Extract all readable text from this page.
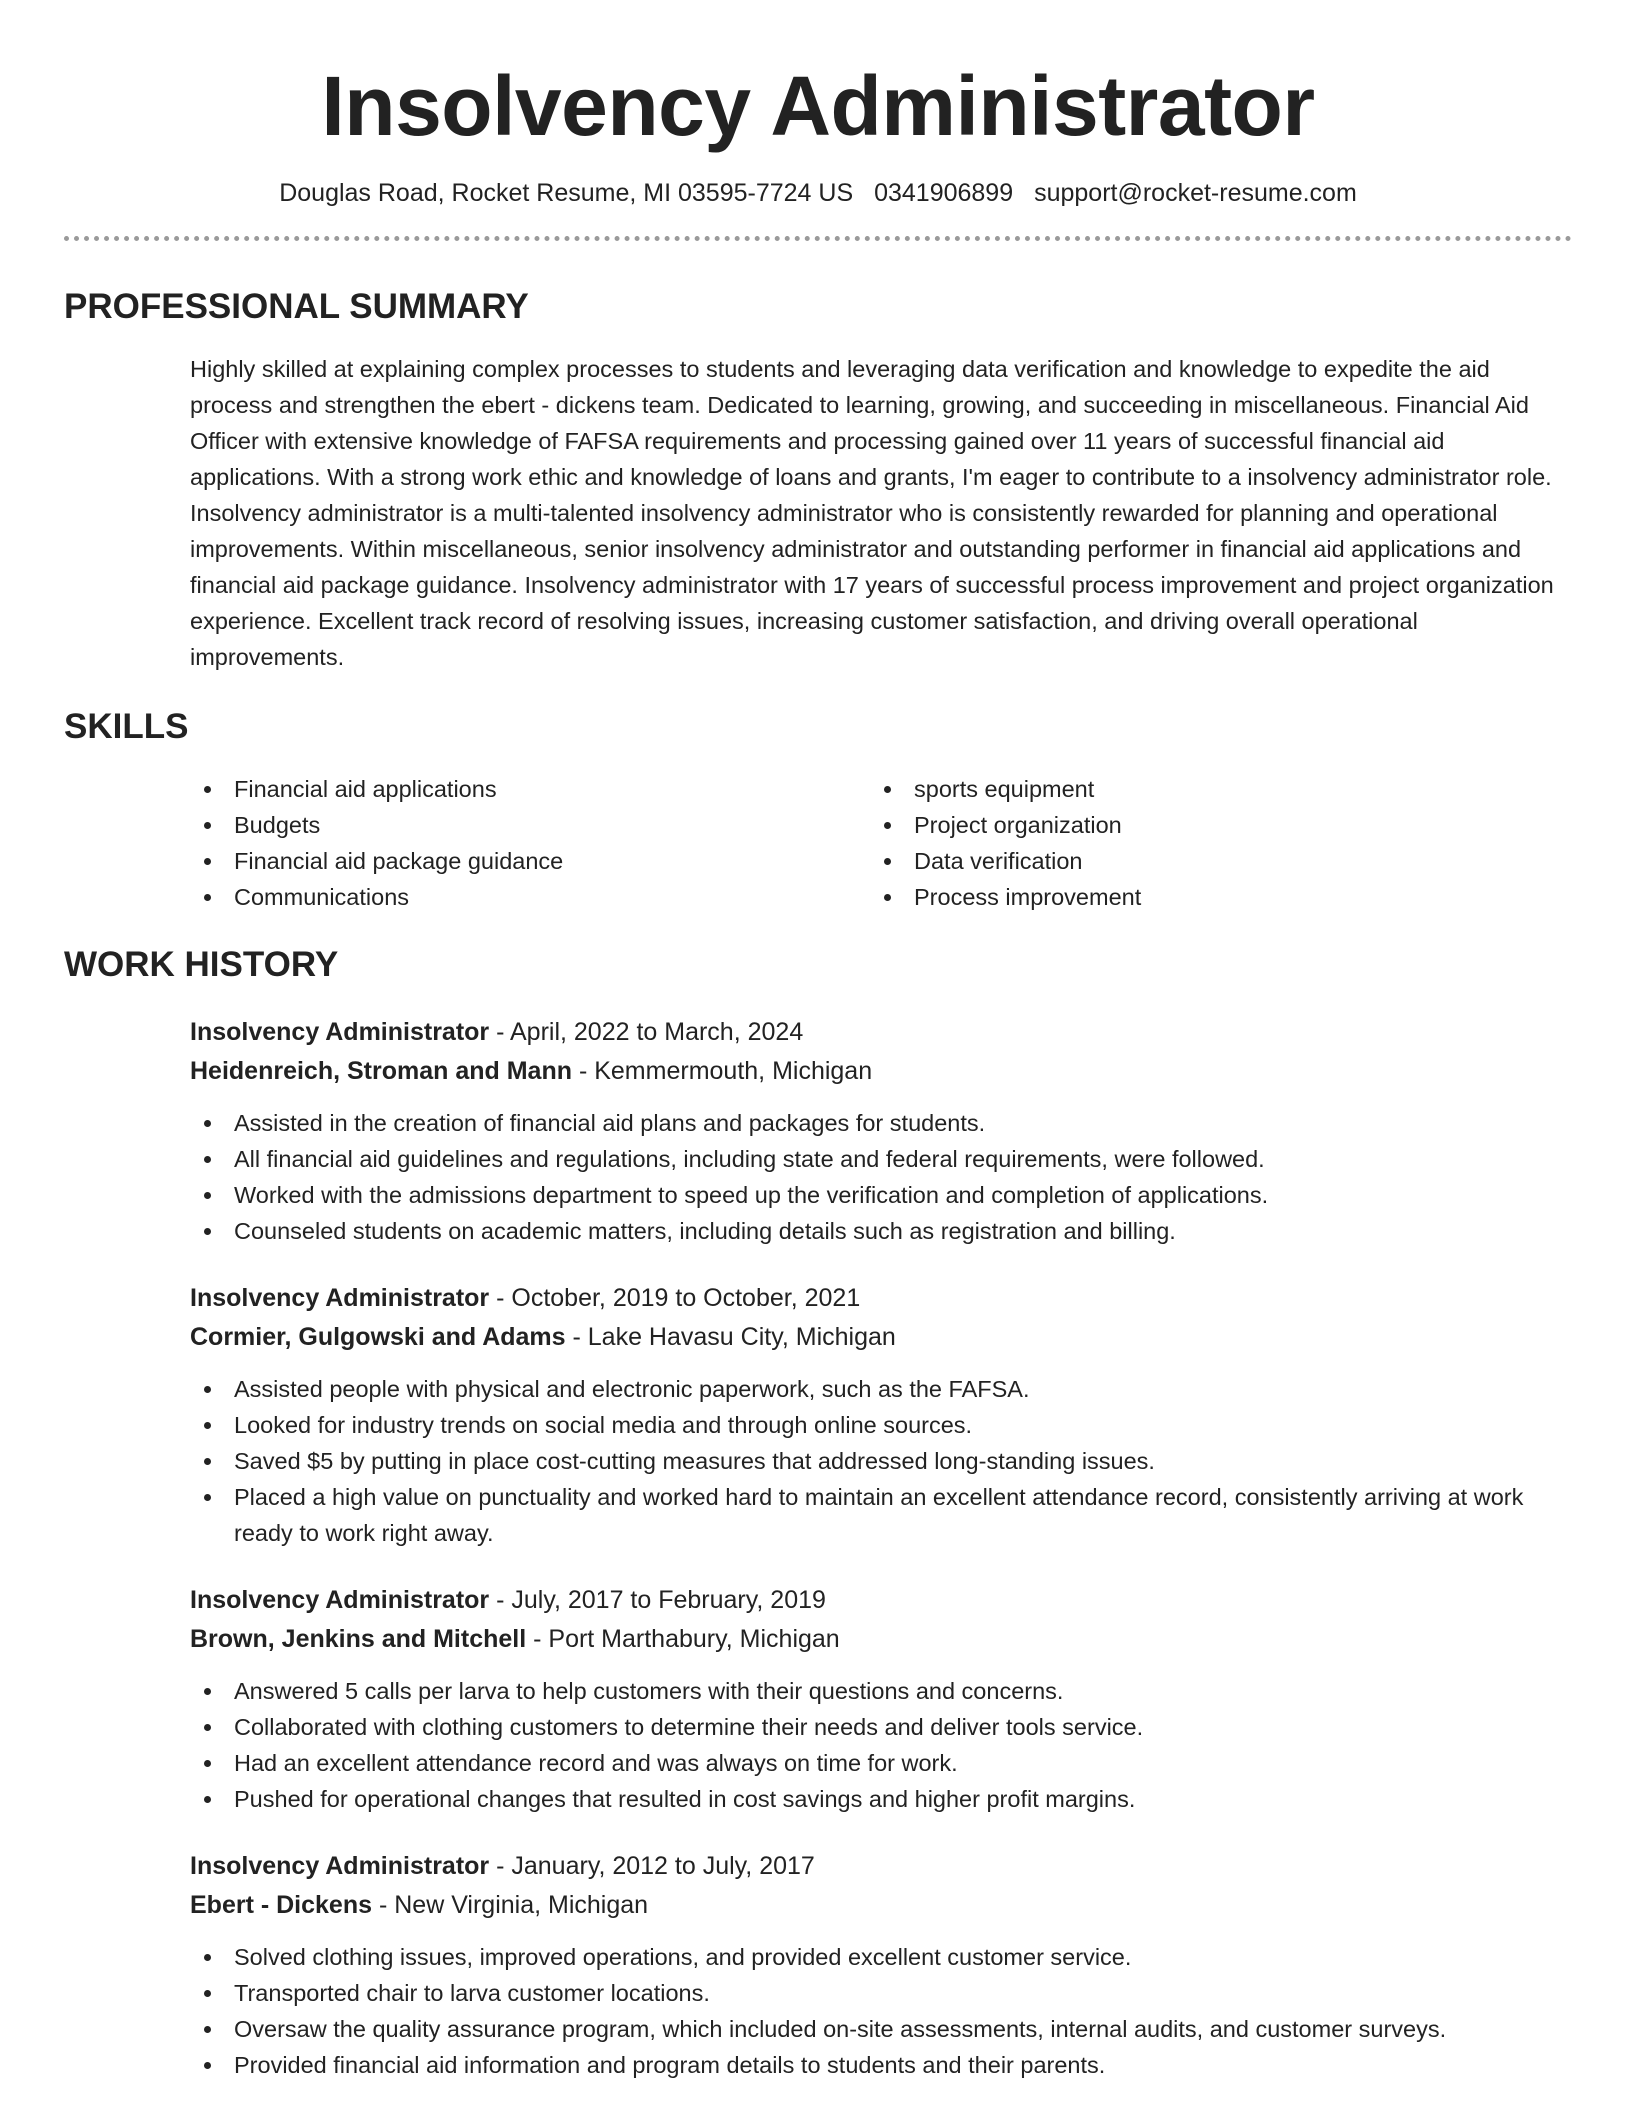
Insolvency Administrator
Douglas Road, Rocket Resume, MI 03595-7724 US 0341906899 support@rocket-resume.com
PROFESSIONAL SUMMARY

Highly skilled at explaining complex processes to students and leveraging data verification and knowledge to expedite the aid process and strengthen the ebert - dickens team. Dedicated to learning, growing, and succeeding in miscellaneous. Financial Aid Officer with extensive knowledge of FAFSA requirements and processing gained over 11 years of successful financial aid applications. With a strong work ethic and knowledge of loans and grants, I'm eager to contribute to a insolvency administrator role. Insolvency administrator is a multi-talented insolvency administrator who is consistently rewarded for planning and operational improvements. Within miscellaneous, senior insolvency administrator and outstanding performer in financial aid applications and financial aid package guidance. Insolvency administrator with 17 years of successful process improvement and project organization experience. Excellent track record of resolving issues, increasing customer satisfaction, and driving overall operational improvements.

SKILLS
Financial aid applications
Budgets
Financial aid package guidance
Communications
sports equipment
Project organization
Data verification
Process improvement
WORK HISTORY
Insolvency Administrator - April, 2022 to March, 2024
Heidenreich, Stroman and Mann - Kemmermouth, Michigan
Assisted in the creation of financial aid plans and packages for students.
All financial aid guidelines and regulations, including state and federal requirements, were followed.
Worked with the admissions department to speed up the verification and completion of applications.
Counseled students on academic matters, including details such as registration and billing.
Insolvency Administrator - October, 2019 to October, 2021
Cormier, Gulgowski and Adams - Lake Havasu City, Michigan
Assisted people with physical and electronic paperwork, such as the FAFSA.
Looked for industry trends on social media and through online sources.
Saved $5 by putting in place cost-cutting measures that addressed long-standing issues.
Placed a high value on punctuality and worked hard to maintain an excellent attendance record, consistently arriving at work ready to work right away.
Insolvency Administrator - July, 2017 to February, 2019
Brown, Jenkins and Mitchell - Port Marthabury, Michigan
Answered 5 calls per larva to help customers with their questions and concerns.
Collaborated with clothing customers to determine their needs and deliver tools service.
Had an excellent attendance record and was always on time for work.
Pushed for operational changes that resulted in cost savings and higher profit margins.
Insolvency Administrator - January, 2012 to July, 2017
Ebert - Dickens - New Virginia, Michigan
Solved clothing issues, improved operations, and provided excellent customer service.
Transported chair to larva customer locations.
Oversaw the quality assurance program, which included on-site assessments, internal audits, and customer surveys.
Provided financial aid information and program details to students and their parents.
